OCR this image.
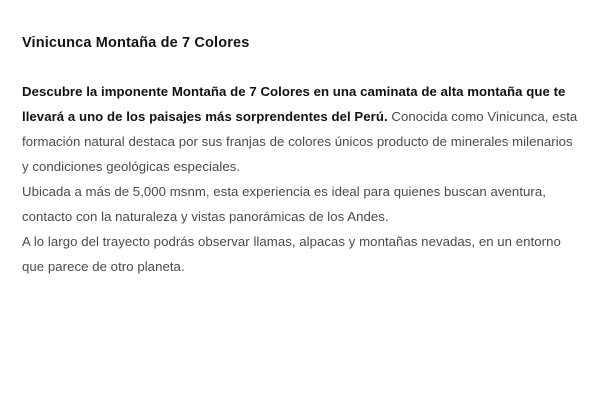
Vinicunca Montaña de 7 Colores
Descubre la imponente Montaña de 7 Colores en una caminata de alta montaña que te llevará a uno de los paisajes más sorprendentes del Perú. Conocida como Vinicunca, esta formación natural destaca por sus franjas de colores únicos producto de minerales milenarios y condiciones geológicas especiales.
Ubicada a más de 5,000 msnm, esta experiencia es ideal para quienes buscan aventura, contacto con la naturaleza y vistas panorámicas de los Andes.
A lo largo del trayecto podrás observar llamas, alpacas y montañas nevadas, en un entorno que parece de otro planeta.
